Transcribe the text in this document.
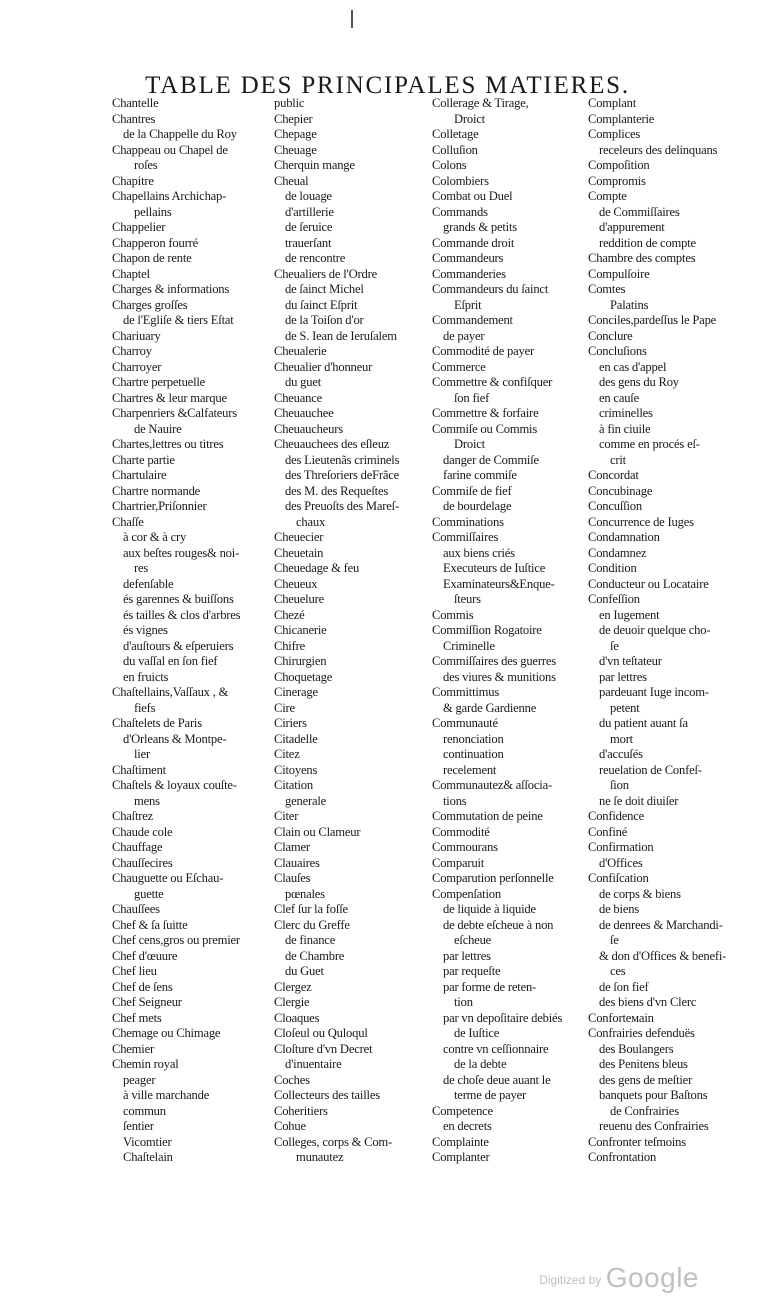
TABLE DES PRINCIPALES MATIERES.
Chantelle
Chantres
de la Chappelle du Roy
Chappeau ou Chapel de
roſes
Chapitre
Chapellains Archichap-
pellains
Chappelier
Chapperon fourré
Chapon de rente
Chaptel
Charges & informations
Charges groſſes
de l'Egliſe & tiers Eſtat
Chariuary
Charroy
Charroyer
Chartre perpetuelle
Chartres & leur marque
Charpenriers &Calfateurs
de Nauire
Chartes,lettres ou titres
Charte partie
Chartulaire
Chartre normande
Chartrier,Priſonnier
Chaſſe
à cor & à cry
aux beſtes rouges& noi-
res
defenſable
és garennes & buiſſons
és tailles & clos d'arbres
és vignes
d'auſtours & eſperuiers
du vaſſal en ſon fief
en fruicts
Chaſtellains,Vaſſaux , &
fiefs
Chaſtelets de Paris
d'Orleans & Montpe-
lier
Chaſtiment
Chaſtels & loyaux couſte-
mens
Chaſtrez
Chaude cole
Chauffage
Chauſſecires
Chauguette ou Eſchau-
guette
Chauſſees
Chef & ſa ſuitte
Chef cens,gros ou premier
Chef d'œuure
Chef lieu
Chef de ſens
Chef Seigneur
Chef mets
Chemage ou Chimage
Chemier
Chemin royal
peager
à ville marchande
commun
ſentier
Vicomtier
Chaſtelain
public
Chepier
Chepage
Cheuage
Cherquin mange
Cheual
de louage
d'artillerie
de ſeruice
trauerſant
de rencontre
Cheualiers de l'Ordre
de ſainct Michel
du ſainct Eſprit
de la Toiſon d'or
de S. Iean de Ieruſalem
Cheualerie
Cheualier d'honneur
du guet
Cheuance
Cheuauchee
Cheuaucheurs
Cheuauchees des eſleuz
des Lieutenãs criminels
des Threſoriers deFrãce
des M. des Requeſtes
des Preuoſts des Mareſ-
chaux
Cheuecier
Cheuetain
Cheuedage & feu
Cheueux
Cheuelure
Chezé
Chicanerie
Chifre
Chirurgien
Choquetage
Cinerage
Cire
Ciriers
Citadelle
Citez
Citoyens
Citation
generale
Citer
Clain ou Clameur
Clamer
Clauaires
Clauſes
pœnales
Clef ſur la foſſe
Clerc du Greffe
de finance
de Chambre
du Guet
Clergez
Clergie
Cloaques
Cloſeul ou Quloqul
Cloſture d'vn Decret
d'inuentaire
Coches
Collecteurs des tailles
Coheritiers
Cohue
Colleges, corps & Com-
munautez
Collerage & Tirage,
Droict
Colletage
Colluſion
Colons
Colombiers
Combat ou Duel
Commands
grands & petits
Commande droit
Commandeurs
Commanderies
Commandeurs du ſainct
Eſprit
Commandement
de payer
Commodité de payer
Commerce
Commettre & confiſquer
ſon fief
Commettre & forfaire
Commiſe ou Commis
Droict
danger de Commiſe
farine commiſe
Commiſe de fief
de bourdelage
Comminations
Commiſſaires
aux biens criés
Executeurs de Iuſtice
Examinateurs&Enque-
ſteurs
Commis
Commiſſion Rogatoire
Criminelle
Commiſſaires des guerres
des viures & munitions
Committimus
& garde Gardienne
Communauté
renonciation
continuation
recelement
Communautez& aſſocia-
tions
Commutation de peine
Commodité
Commourans
Comparuit
Comparution perſonnelle
Compenſation
de liquide à liquide
de debte eſcheue à non
eſcheue
par lettres
par requeſte
par forme de reten-
tion
par vn depoſitaire debiés
de Iuſtice
contre vn ceſſionnaire
de la debte
de choſe deue auant le
terme de payer
Competence
en decrets
Complainte
Complanter
Complant
Complanterie
Complices
receleurs des delinquans
Compoſition
Compromis
Compte
de Commiſſaires
d'appurement
reddition de compte
Chambre des comptes
Compulſoire
Comtes
Palatins
Conciles,pardeſſus le Pape
Conclure
Concluſions
en cas d'appel
des gens du Roy
en cauſe
criminelles
à fin ciuile
comme en procés eſ-
crit
Concordat
Concubinage
Concuſſion
Concurrence de Iuges
Condamnation
Condamnez
Condition
Conducteur ou Locataire
Confeſſion
en Iugement
de deuoir quelque cho-
ſe
d'vn teſtateur
par lettres
pardeuant Iuge incom-
petent
du patient auant ſa
mort
d'accuſés
reuelation de Confeſ-
ſion
ne ſe doit diuiſer
Confidence
Confiné
Confirmation
d'Offices
Confiſcation
de corps & biens
de biens
de denrees & Marchandi-
ſe
& don d'Offices & benefi-
ces
de ſon fief
des biens d'vn Clerc
Conforteмain
Confrairies defenduës
des Boulangers
des Penitens bleus
des gens de meſtier
banquets pour Baſtons
de Confrairies
reuenu des Confrairies
Confronter teſmoins
Confrontation
Digitized by Google
